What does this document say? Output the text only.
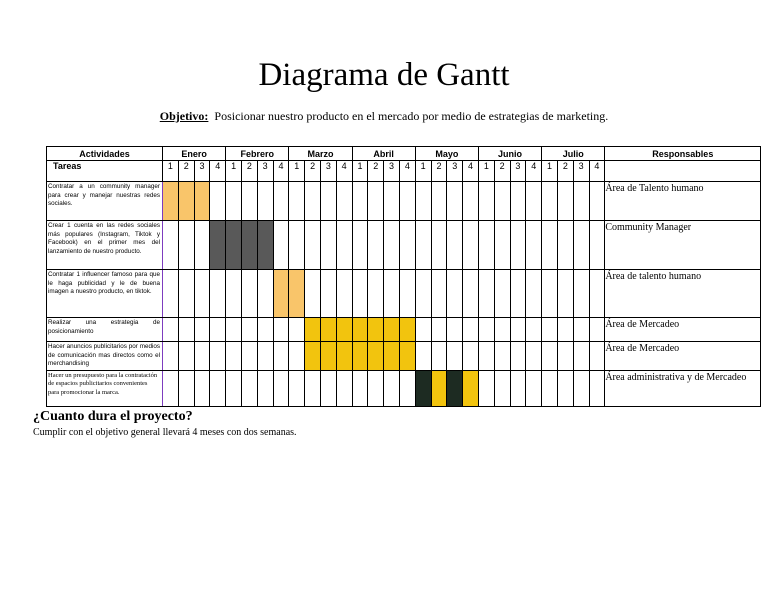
Diagrama de Gantt
Objetivo: Posicionar nuestro producto en el mercado por medio de estrategias de marketing.
Actividades	Enero				Febrero				Marzo				Abril				Mayo				Junio				Julio				Responsables
Tareas	1	2	3	4	1	2	3	4	1	2	3	4	1	2	3	4	1	2	3	4	1	2	3	4	1	2	3	4	
Contratar a un community manager para crear y manejar nuestras redes sociales.																													Área de Talento humano
Crear 1 cuenta en las redes sociales más populares (Instagram, Tiktok y Facebook) en el primer mes del lanzamiento de nuestro producto.																													Community Manager
Contratar 1 influencer famoso para que le haga publicidad y le de buena imagen a nuestro producto, en tiktok.																													Área de talento humano
Realizar una estrategia de posicionamiento																													Área de Mercadeo
Hacer anuncios publicitarios por medios de comunicación mas directos como el merchandising																													Área de Mercadeo
Hacer un presupuesto para la contratación de espacios publicitarios convenientes para promocionar la marca.																													Área administrativa y de Mercadeo
¿Cuanto dura el proyecto?
Cumplir con el objetivo general llevará 4 meses con dos semanas.
